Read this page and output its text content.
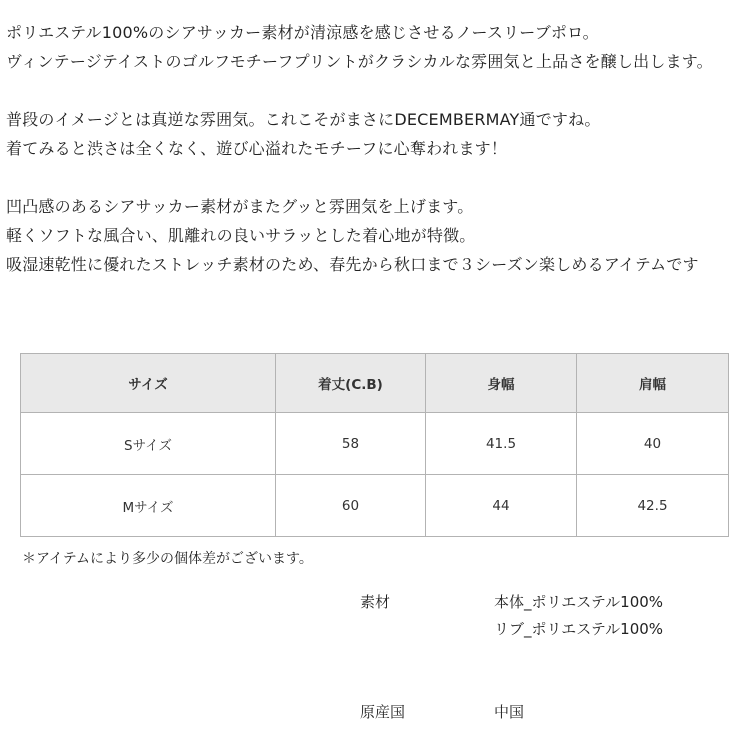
ポリエステル100%のシアサッカー素材が清涼感を感じさせるノースリーブポロ。
ヴィンテージテイストのゴルフモチーフプリントがクラシカルな雰囲気と上品さを醸し出します。

普段のイメージとは真逆な雰囲気。これこそがまさにDECEMBERMAY通ですね。
着てみると渋さは全くなく、遊び心溢れたモチーフに心奪われます！

凹凸感のあるシアサッカー素材がまたグッと雰囲気を上げます。
軽くソフトな風合い、肌離れの良いサラッとした着心地が特徴。
吸湿速乾性に優れたストレッチ素材のため、春先から秋口まで３シーズン楽しめるアイテムです

サイズ	着丈(C.B)	身幅	肩幅
Sサイズ	58	41.5	40
Mサイズ	60	44	42.5
＊アイテムにより多少の個体差がございます。
素材	本体_ポリエステル100%
リブ_ポリエステル100%
原産国	中国
